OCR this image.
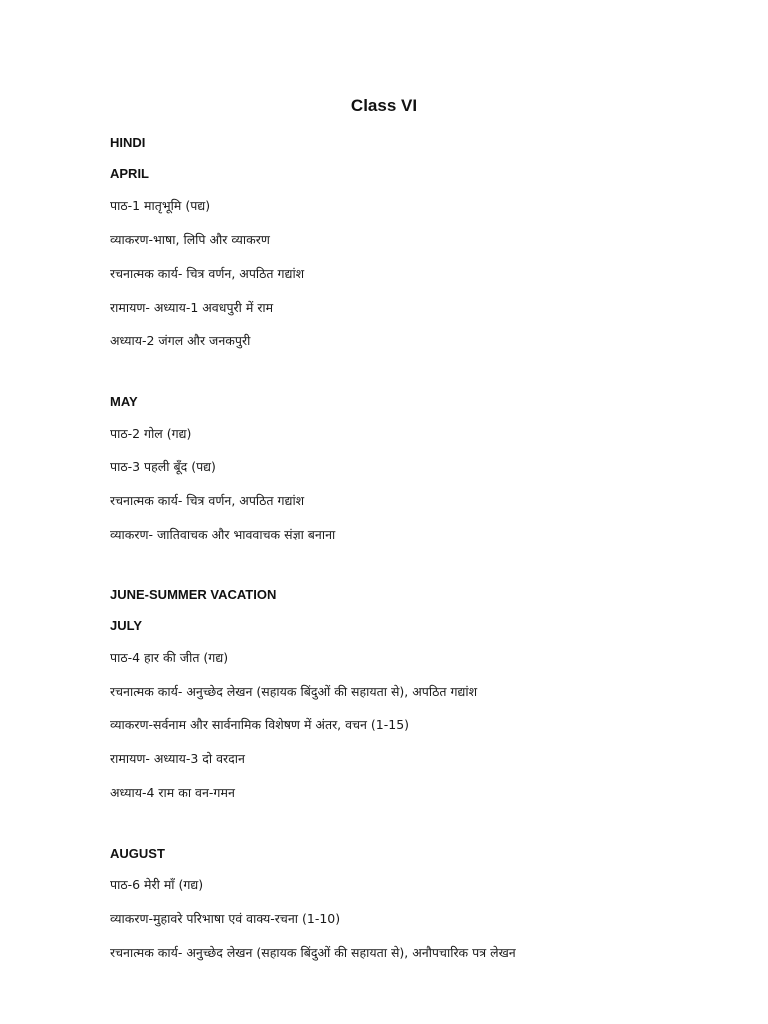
Class VI
HINDI
APRIL
पाठ-1 मातृभूमि (पद्य)
व्याकरण-भाषा, लिपि और व्याकरण
रचनात्मक कार्य- चित्र वर्णन, अपठित गद्यांश
रामायण- अध्याय-1 अवधपुरी में राम
अध्याय-2 जंगल और जनकपुरी
MAY
पाठ-2 गोल (गद्य)
पाठ-3 पहली बूँद (पद्य)
रचनात्मक कार्य- चित्र वर्णन, अपठित गद्यांश
व्याकरण- जातिवाचक और भाववाचक संज्ञा बनाना
JUNE-SUMMER VACATION
JULY
पाठ-4 हार की जीत (गद्य)
रचनात्मक कार्य- अनुच्छेद लेखन (सहायक बिंदुओं की सहायता से), अपठित गद्यांश
व्याकरण-सर्वनाम और सार्वनामिक विशेषण में अंतर, वचन (1-15)
रामायण- अध्याय-3 दो वरदान
अध्याय-4 राम का वन-गमन
AUGUST
पाठ-6 मेरी माँ (गद्य)
व्याकरण-मुहावरे परिभाषा एवं वाक्य-रचना (1-10)
रचनात्मक कार्य- अनुच्छेद लेखन (सहायक बिंदुओं की सहायता से), अनौपचारिक पत्र लेखन
